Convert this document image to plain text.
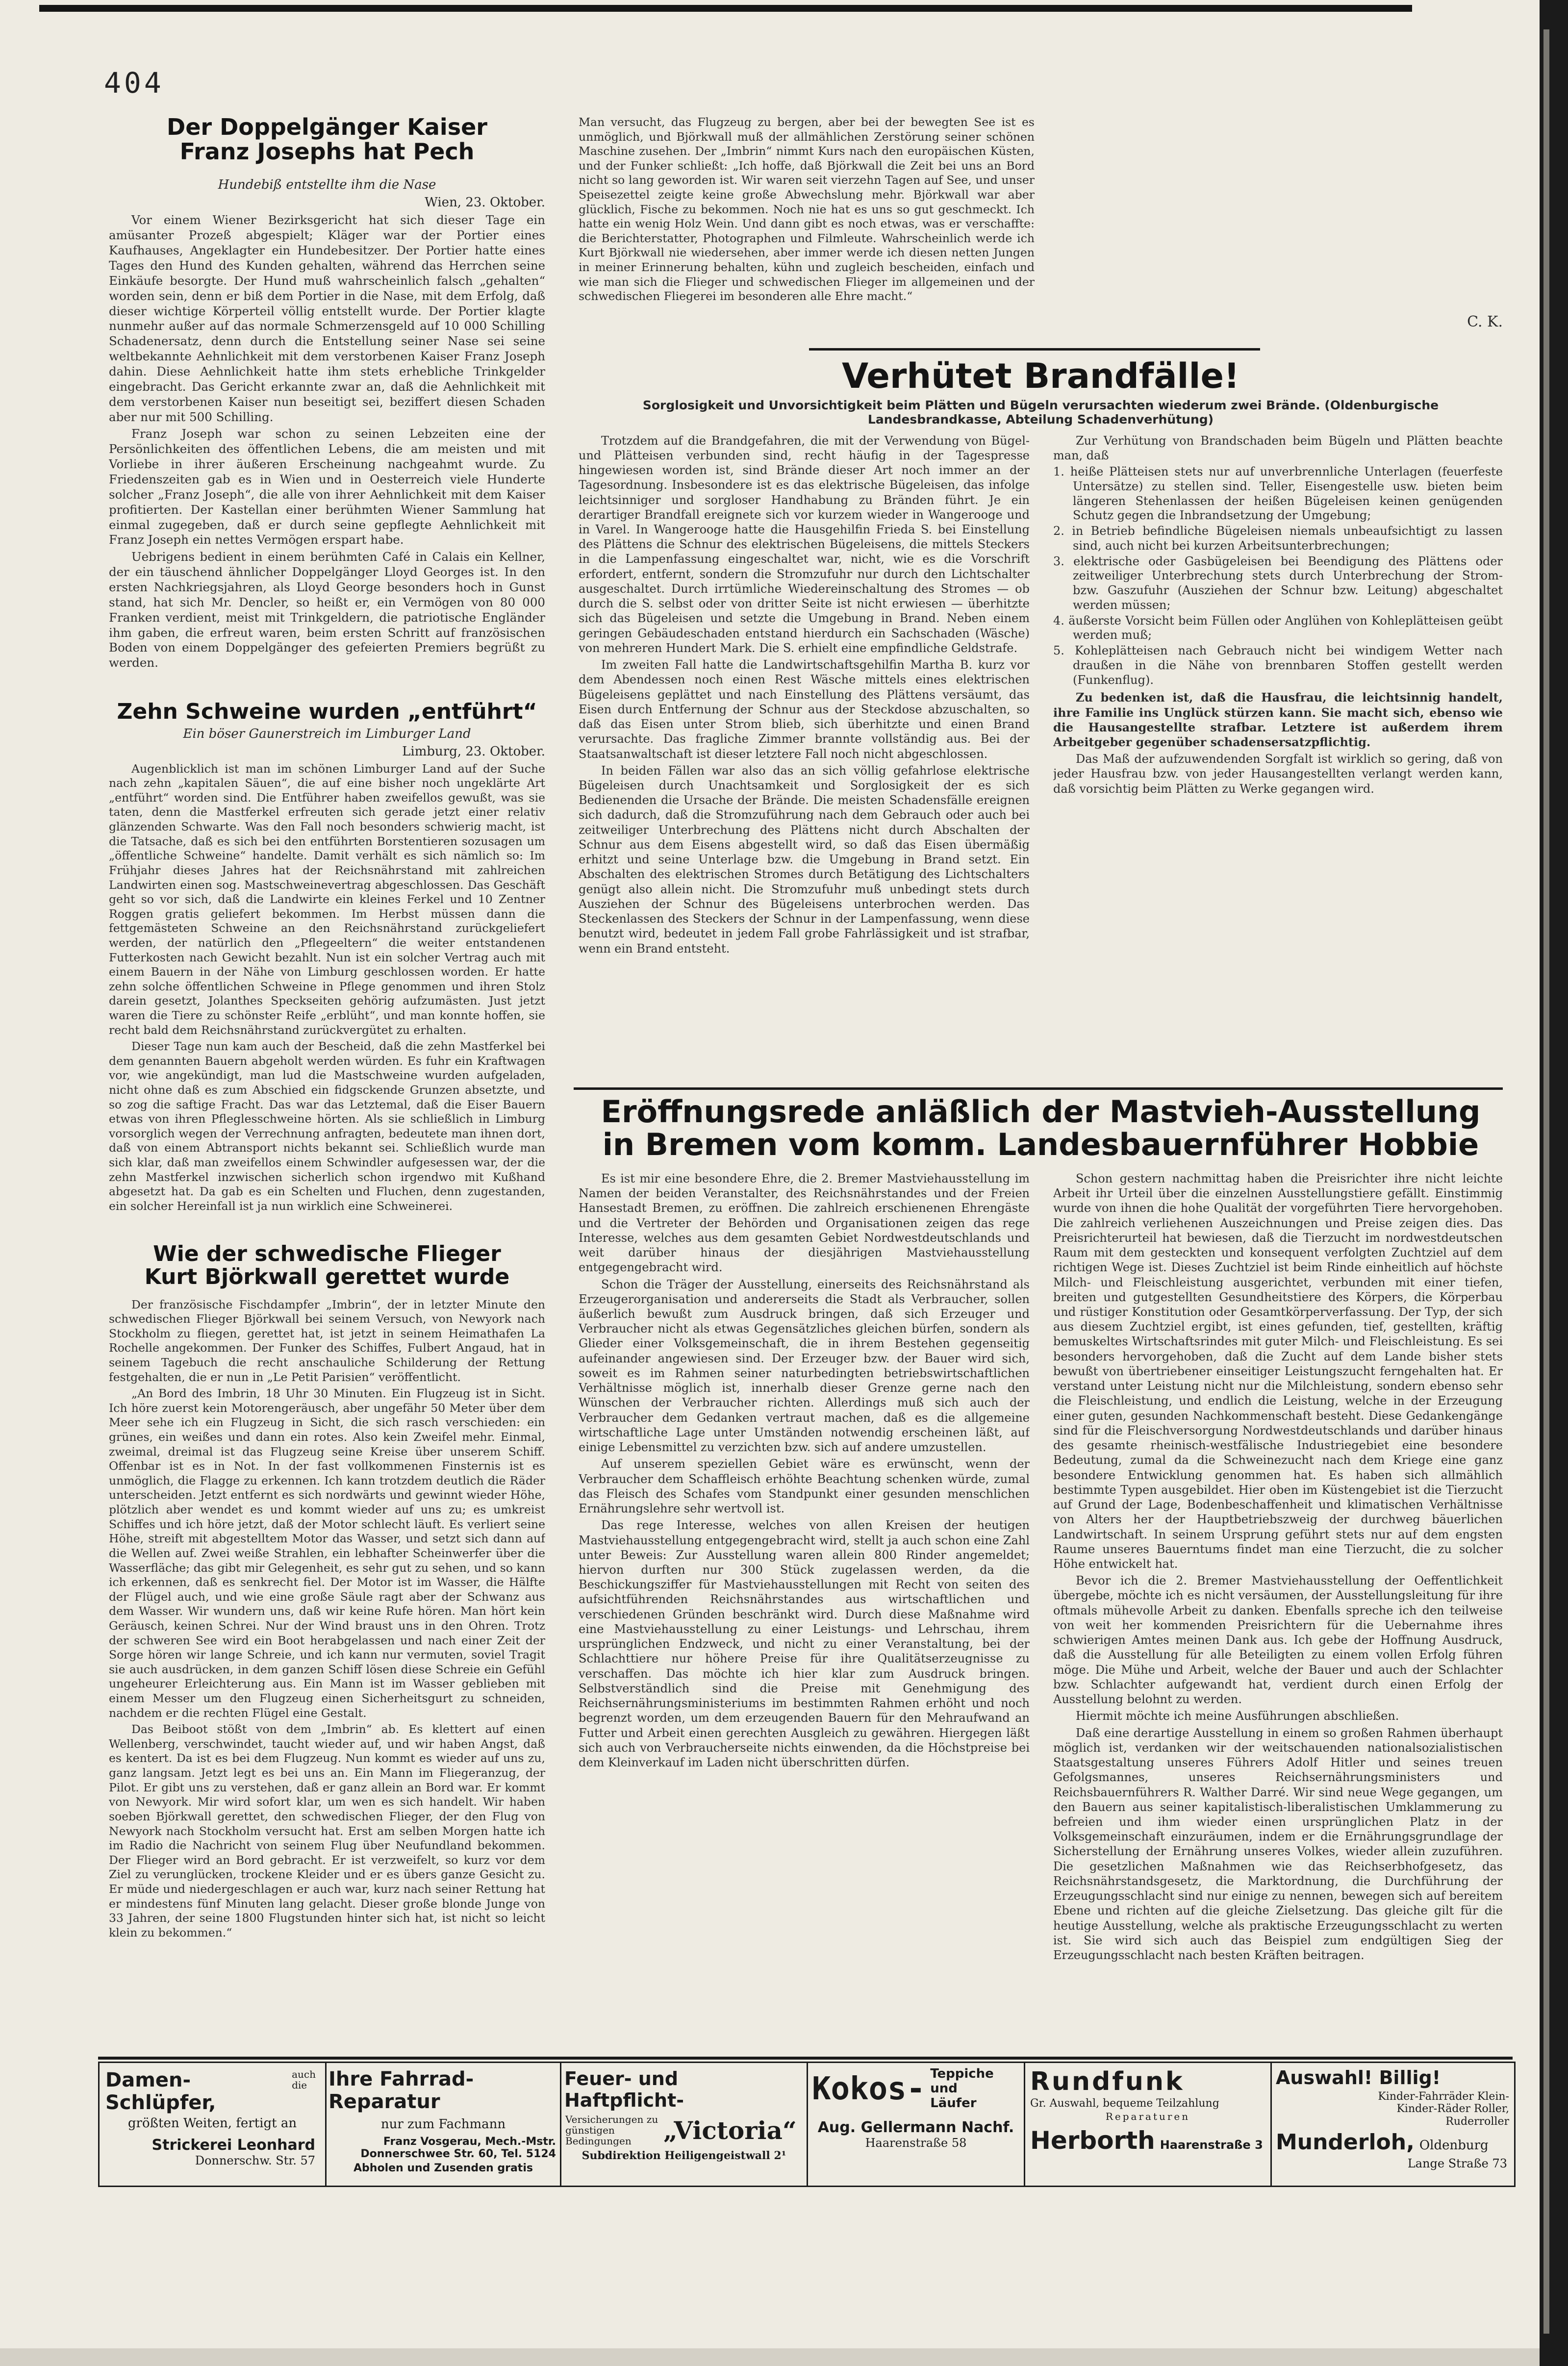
404
Der Doppelgänger Kaiser Franz Josephs hat Pech
Hundebiß entstellte ihm die Nase
Wien, 23. Oktober.

Vor einem Wiener Bezirksgericht hat sich dieser Tage ein amüsanter Prozeß abgespielt; Kläger war der Portier eines Kaufhauses, Angeklagter ein Hundebesitzer. Der Portier hatte eines Tages den Hund des Kunden gehalten, während das Herrchen seine Einkäufe besorgte. Der Hund muß wahrscheinlich falsch „gehalten“ worden sein, denn er biß dem Portier in die Nase, mit dem Erfolg, daß dieser wichtige Körperteil völlig entstellt wurde. Der Portier klagte nunmehr außer auf das normale Schmerzensgeld auf 10 000 Schilling Schadenersatz, denn durch die Entstellung seiner Nase sei seine weltbekannte Aehnlichkeit mit dem verstorbenen Kaiser Franz Joseph dahin. Diese Aehnlichkeit hatte ihm stets erhebliche Trinkgelder eingebracht. Das Gericht erkannte zwar an, daß die Aehnlichkeit mit dem verstorbenen Kaiser nun beseitigt sei, beziffert diesen Schaden aber nur mit 500 Schilling.

Franz Joseph war schon zu seinen Lebzeiten eine der Persönlichkeiten des öffentlichen Lebens, die am meisten und mit Vorliebe in ihrer äußeren Erscheinung nachgeahmt wurde. Zu Friedenszeiten gab es in Wien und in Oesterreich viele Hunderte solcher „Franz Joseph“, die alle von ihrer Aehnlichkeit mit dem Kaiser profitierten. Der Kastellan einer berühmten Wiener Sammlung hat einmal zugegeben, daß er durch seine gepflegte Aehnlichkeit mit Franz Joseph ein nettes Vermögen erspart habe.

Uebrigens bedient in einem berühmten Café in Calais ein Kellner, der ein täuschend ähnlicher Doppelgänger Lloyd Georges ist. In den ersten Nachkriegsjahren, als Lloyd George besonders hoch in Gunst stand, hat sich Mr. Dencler, so heißt er, ein Vermögen von 80 000 Franken verdient, meist mit Trinkgeldern, die patriotische Engländer ihm gaben, die erfreut waren, beim ersten Schritt auf französischen Boden von einem Doppelgänger des gefeierten Premiers begrüßt zu werden.

Zehn Schweine wurden „entführt“
Ein böser Gaunerstreich im Limburger Land
Limburg, 23. Oktober.

Augenblicklich ist man im schönen Limburger Land auf der Suche nach zehn „kapitalen Säuen“, die auf eine bisher noch ungeklärte Art „entführt“ worden sind. Die Entführer haben zweifellos gewußt, was sie taten, denn die Mastferkel erfreuten sich gerade jetzt einer relativ glänzenden Schwarte. Was den Fall noch besonders schwierig macht, ist die Tatsache, daß es sich bei den entführten Borstentieren sozusagen um „öffentliche Schweine“ handelte. Damit verhält es sich nämlich so: Im Frühjahr dieses Jahres hat der Reichsnährstand mit zahlreichen Landwirten einen sog. Mastschweinevertrag abgeschlossen. Das Geschäft geht so vor sich, daß die Landwirte ein kleines Ferkel und 10 Zentner Roggen gratis geliefert bekommen. Im Herbst müssen dann die fettgemästeten Schweine an den Reichsnährstand zurückgeliefert werden, der natürlich den „Pflegeeltern“ die weiter entstandenen Futterkosten nach Gewicht bezahlt. Nun ist ein solcher Vertrag auch mit einem Bauern in der Nähe von Limburg geschlossen worden. Er hatte zehn solche öffentlichen Schweine in Pflege genommen und ihren Stolz darein gesetzt, Jolanthes Speckseiten gehörig aufzumästen. Just jetzt waren die Tiere zu schönster Reife „erblüht“, und man konnte hoffen, sie recht bald dem Reichsnährstand zurückvergütet zu erhalten.

Dieser Tage nun kam auch der Bescheid, daß die zehn Mastferkel bei dem genannten Bauern abgeholt werden würden. Es fuhr ein Kraftwagen vor, wie angekündigt, man lud die Mastschweine wurden aufgeladen, nicht ohne daß es zum Abschied ein fidgsckende Grunzen absetzte, und so zog die saftige Fracht. Das war das Letztemal, daß die Eiser Bauern etwas von ihren Pfleglesschweine hörten. Als sie schließlich in Limburg vorsorglich wegen der Verrechnung anfragten, bedeutete man ihnen dort, daß von einem Abtransport nichts bekannt sei. Schließlich wurde man sich klar, daß man zweifellos einem Schwindler aufgesessen war, der die zehn Mastferkel inzwischen sicherlich schon irgendwo mit Kußhand abgesetzt hat. Da gab es ein Schelten und Fluchen, denn zugestanden, ein solcher Hereinfall ist ja nun wirklich eine Schweinerei.

Wie der schwedische Flieger Kurt Björkwall gerettet wurde

Der französische Fischdampfer „Imbrin“, der in letzter Minute den schwedischen Flieger Björkwall bei seinem Versuch, von Newyork nach Stockholm zu fliegen, gerettet hat, ist jetzt in seinem Heimathafen La Rochelle angekommen. Der Funker des Schiffes, Fulbert Angaud, hat in seinem Tagebuch die recht anschauliche Schilderung der Rettung festgehalten, die er nun in „Le Petit Parisien“ veröffentlicht.

„An Bord des Imbrin, 18 Uhr 30 Minuten. Ein Flugzeug ist in Sicht. Ich höre zuerst kein Motorengeräusch, aber ungefähr 50 Meter über dem Meer sehe ich ein Flugzeug in Sicht, die sich rasch verschieden: ein grünes, ein weißes und dann ein rotes. Also kein Zweifel mehr. Einmal, zweimal, dreimal ist das Flugzeug seine Kreise über unserem Schiff. Offenbar ist es in Not. In der fast vollkommenen Finsternis ist es unmöglich, die Flagge zu erkennen. Ich kann trotzdem deutlich die Räder unterscheiden. Jetzt entfernt es sich nordwärts und gewinnt wieder Höhe, plötzlich aber wendet es und kommt wieder auf uns zu; es umkreist Schiffes und ich höre jetzt, daß der Motor schlecht läuft. Es verliert seine Höhe, streift mit abgestelltem Motor das Wasser, und setzt sich dann auf die Wellen auf. Zwei weiße Strahlen, ein lebhafter Scheinwerfer über die Wasserfläche; das gibt mir Gelegenheit, es sehr gut zu sehen, und so kann ich erkennen, daß es senkrecht fiel. Der Motor ist im Wasser, die Hälfte der Flügel auch, und wie eine große Säule ragt aber der Schwanz aus dem Wasser. Wir wundern uns, daß wir keine Rufe hören. Man hört kein Geräusch, keinen Schrei. Nur der Wind braust uns in den Ohren. Trotz der schweren See wird ein Boot herabgelassen und nach einer Zeit der Sorge hören wir lange Schreie, und ich kann nur vermuten, soviel Tragit sie auch ausdrücken, in dem ganzen Schiff lösen diese Schreie ein Gefühl ungeheurer Erleichterung aus. Ein Mann ist im Wasser geblieben mit einem Messer um den Flugzeug einen Sicherheitsgurt zu schneiden, nachdem er die rechten Flügel eine Gestalt.

Das Beiboot stößt von dem „Imbrin“ ab. Es klettert auf einen Wellenberg, verschwindet, taucht wieder auf, und wir haben Angst, daß es kentert. Da ist es bei dem Flugzeug. Nun kommt es wieder auf uns zu, ganz langsam. Jetzt legt es bei uns an. Ein Mann im Fliegeranzug, der Pilot. Er gibt uns zu verstehen, daß er ganz allein an Bord war. Er kommt von Newyork. Mir wird sofort klar, um wen es sich handelt. Wir haben soeben Björkwall gerettet, den schwedischen Flieger, der den Flug von Newyork nach Stockholm versucht hat. Erst am selben Morgen hatte ich im Radio die Nachricht von seinem Flug über Neufundland bekommen. Der Flieger wird an Bord gebracht. Er ist verzweifelt, so kurz vor dem Ziel zu verunglücken, trockene Kleider und er es übers ganze Gesicht zu. Er müde und niedergeschlagen er auch war, kurz nach seiner Rettung hat er mindestens fünf Minuten lang gelacht. Dieser große blonde Junge von 33 Jahren, der seine 1800 Flugstunden hinter sich hat, ist nicht so leicht klein zu bekommen.“

Man versucht, das Flugzeug zu bergen, aber bei der bewegten See ist es unmöglich, und Björkwall muß der allmählichen Zerstörung seiner schönen Maschine zusehen. Der „Imbrin“ nimmt Kurs nach den europäischen Küsten, und der Funker schließt: „Ich hoffe, daß Björkwall die Zeit bei uns an Bord nicht so lang geworden ist. Wir waren seit vierzehn Tagen auf See, und unser Speisezettel zeigte keine große Abwechslung mehr. Björkwall war aber glücklich, Fische zu bekommen. Noch nie hat es uns so gut geschmeckt. Ich hatte ein wenig Holz Wein. Und dann gibt es noch etwas, was er verschaffte: die Berichterstatter, Photographen und Filmleute. Wahrscheinlich werde ich Kurt Björkwall nie wiedersehen, aber immer werde ich diesen netten Jungen in meiner Erinnerung behalten, kühn und zugleich bescheiden, einfach und wie man sich die Flieger und schwedischen Flieger im allgemeinen und der schwedischen Fliegerei im besonderen alle Ehre macht.“

C. K.
Verhütet Brandfälle!
Sorglosigkeit und Unvorsichtigkeit beim Plätten und Bügeln verursachten wiederum zwei Brände. (Oldenburgische Landesbrandkasse, Abteilung Schadenverhütung)

Trotzdem auf die Brandgefahren, die mit der Verwendung von Bügel- und Plätteisen verbunden sind, recht häufig in der Tagespresse hingewiesen worden ist, sind Brände dieser Art noch immer an der Tagesordnung. Insbesondere ist es das elektrische Bügeleisen, das infolge leichtsinniger und sorgloser Handhabung zu Bränden führt. Je ein derartiger Brandfall ereignete sich vor kurzem wieder in Wangerooge und in Varel. In Wangerooge hatte die Hausgehilfin Frieda S. bei Einstellung des Plättens die Schnur des elektrischen Bügeleisens, die mittels Steckers in die Lampenfassung eingeschaltet war, nicht, wie es die Vorschrift erfordert, entfernt, sondern die Stromzufuhr nur durch den Lichtschalter ausgeschaltet. Durch irrtümliche Wiedereinschaltung des Stromes — ob durch die S. selbst oder von dritter Seite ist nicht erwiesen — überhitzte sich das Bügeleisen und setzte die Umgebung in Brand. Neben einem geringen Gebäudeschaden entstand hierdurch ein Sachschaden (Wäsche) von mehreren Hundert Mark. Die S. erhielt eine empfindliche Geldstrafe.

Im zweiten Fall hatte die Landwirtschaftsgehilfin Martha B. kurz vor dem Abendessen noch einen Rest Wäsche mittels eines elektrischen Bügeleisens geplättet und nach Einstellung des Plättens versäumt, das Eisen durch Entfernung der Schnur aus der Steckdose abzuschalten, so daß das Eisen unter Strom blieb, sich überhitzte und einen Brand verursachte. Das fragliche Zimmer brannte vollständig aus. Bei der Staatsanwaltschaft ist dieser letztere Fall noch nicht abgeschlossen.

In beiden Fällen war also das an sich völlig gefahrlose elektrische Bügeleisen durch Unachtsamkeit und Sorglosigkeit der es sich Bedienenden die Ursache der Brände. Die meisten Schadensfälle ereignen sich dadurch, daß die Stromzuführung nach dem Gebrauch oder auch bei zeitweiliger Unterbrechung des Plättens nicht durch Abschalten der Schnur aus dem Eisens abgestellt wird, so daß das Eisen übermäßig erhitzt und seine Unterlage bzw. die Umgebung in Brand setzt. Ein Abschalten des elektrischen Stromes durch Betätigung des Lichtschalters genügt also allein nicht. Die Stromzufuhr muß unbedingt stets durch Ausziehen der Schnur des Bügeleisens unterbrochen werden. Das Steckenlassen des Steckers der Schnur in der Lampenfassung, wenn diese benutzt wird, bedeutet in jedem Fall grobe Fahrlässigkeit und ist strafbar, wenn ein Brand entsteht.

Zur Verhütung von Brandschaden beim Bügeln und Plätten beachte man, daß

1. heiße Plätteisen stets nur auf unverbrennliche Unterlagen (feuerfeste Untersätze) zu stellen sind. Teller, Eisengestelle usw. bieten beim längeren Stehenlassen der heißen Bügeleisen keinen genügenden Schutz gegen die Inbrandsetzung der Umgebung;
2. in Betrieb befindliche Bügeleisen niemals unbeaufsichtigt zu lassen sind, auch nicht bei kurzen Arbeitsunterbrechungen;
3. elektrische oder Gasbügeleisen bei Beendigung des Plättens oder zeitweiliger Unterbrechung stets durch Unterbrechung der Strom- bzw. Gaszufuhr (Ausziehen der Schnur bzw. Leitung) abgeschaltet werden müssen;
4. äußerste Vorsicht beim Füllen oder Anglühen von Kohleplätteisen geübt werden muß;
5. Kohleplätteisen nach Gebrauch nicht bei windigem Wetter nach draußen in die Nähe von brennbaren Stoffen gestellt werden (Funkenflug).

Zu bedenken ist, daß die Hausfrau, die leichtsinnig handelt, ihre Familie ins Unglück stürzen kann. Sie macht sich, ebenso wie die Hausangestellte strafbar. Letztere ist außerdem ihrem Arbeitgeber gegenüber schadensersatzpflichtig.

Das Maß der aufzuwendenden Sorgfalt ist wirklich so gering, daß von jeder Hausfrau bzw. von jeder Hausangestellten verlangt werden kann, daß vorsichtig beim Plätten zu Werke gegangen wird.

Eröffnungsrede anläßlich der Mastvieh-Ausstellung
in Bremen vom komm. Landesbauernführer Hobbie

Es ist mir eine besondere Ehre, die 2. Bremer Mastviehausstellung im Namen der beiden Veranstalter, des Reichsnährstandes und der Freien Hansestadt Bremen, zu eröffnen. Die zahlreich erschienenen Ehrengäste und die Vertreter der Behörden und Organisationen zeigen das rege Interesse, welches aus dem gesamten Gebiet Nordwestdeutschlands und weit darüber hinaus der diesjährigen Mastviehausstellung entgegengebracht wird.

Schon die Träger der Ausstellung, einerseits des Reichsnährstand als Erzeugerorganisation und andererseits die Stadt als Verbraucher, sollen äußerlich bewußt zum Ausdruck bringen, daß sich Erzeuger und Verbraucher nicht als etwas Gegensätzliches gleichen bürfen, sondern als Glieder einer Volksgemeinschaft, die in ihrem Bestehen gegenseitig aufeinander angewiesen sind. Der Erzeuger bzw. der Bauer wird sich, soweit es im Rahmen seiner naturbedingten betriebswirtschaftlichen Verhältnisse möglich ist, innerhalb dieser Grenze gerne nach den Wünschen der Verbraucher richten. Allerdings muß sich auch der Verbraucher dem Gedanken vertraut machen, daß es die allgemeine wirtschaftliche Lage unter Umständen notwendig erscheinen läßt, auf einige Lebensmittel zu verzichten bzw. sich auf andere umzustellen.

Auf unserem speziellen Gebiet wäre es erwünscht, wenn der Verbraucher dem Schaffleisch erhöhte Beachtung schenken würde, zumal das Fleisch des Schafes vom Standpunkt einer gesunden menschlichen Ernährungslehre sehr wertvoll ist.

Das rege Interesse, welches von allen Kreisen der heutigen Mastviehausstellung entgegengebracht wird, stellt ja auch schon eine Zahl unter Beweis: Zur Ausstellung waren allein 800 Rinder angemeldet; hiervon durften nur 300 Stück zugelassen werden, da die Beschickungsziffer für Mastviehausstellungen mit Recht von seiten des aufsichtführenden Reichsnährstandes aus wirtschaftlichen und verschiedenen Gründen beschränkt wird. Durch diese Maßnahme wird eine Mastviehausstellung zu einer Leistungs- und Lehrschau, ihrem ursprünglichen Endzweck, und nicht zu einer Veranstaltung, bei der Schlachttiere nur höhere Preise für ihre Qualitätserzeugnisse zu verschaffen. Das möchte ich hier klar zum Ausdruck bringen. Selbstverständlich sind die Preise mit Genehmigung des Reichsernährungsministeriums im bestimmten Rahmen erhöht und noch begrenzt worden, um dem erzeugenden Bauern für den Mehraufwand an Futter und Arbeit einen gerechten Ausgleich zu gewähren. Hiergegen läßt sich auch von Verbraucherseite nichts einwenden, da die Höchstpreise bei dem Kleinverkauf im Laden nicht überschritten dürfen.

Schon gestern nachmittag haben die Preisrichter ihre nicht leichte Arbeit ihr Urteil über die einzelnen Ausstellungstiere gefällt. Einstimmig wurde von ihnen die hohe Qualität der vorgeführten Tiere hervorgehoben. Die zahlreich verliehenen Auszeichnungen und Preise zeigen dies. Das Preisrichterurteil hat bewiesen, daß die Tierzucht im nordwestdeutschen Raum mit dem gesteckten und konsequent verfolgten Zuchtziel auf dem richtigen Wege ist. Dieses Zuchtziel ist beim Rinde einheitlich auf höchste Milch- und Fleischleistung ausgerichtet, verbunden mit einer tiefen, breiten und gutgestellten Gesundheitstiere des Körpers, die Körperbau und rüstiger Konstitution oder Gesamtkörperverfassung. Der Typ, der sich aus diesem Zuchtziel ergibt, ist eines gefunden, tief, gestellten, kräftig bemuskeltes Wirtschaftsrindes mit guter Milch- und Fleischleistung. Es sei besonders hervorgehoben, daß die Zucht auf dem Lande bisher stets bewußt von übertriebener einseitiger Leistungszucht ferngehalten hat. Er verstand unter Leistung nicht nur die Milchleistung, sondern ebenso sehr die Fleischleistung, und endlich die Leistung, welche in der Erzeugung einer guten, gesunden Nachkommenschaft besteht. Diese Gedankengänge sind für die Fleischversorgung Nordwestdeutschlands und darüber hinaus des gesamte rheinisch-westfälische Industriegebiet eine besondere Bedeutung, zumal da die Schweinezucht nach dem Kriege eine ganz besondere Entwicklung genommen hat. Es haben sich allmählich bestimmte Typen ausgebildet. Hier oben im Küstengebiet ist die Tierzucht auf Grund der Lage, Bodenbeschaffenheit und klimatischen Verhältnisse von Alters her der Hauptbetriebszweig der durchweg bäuerlichen Landwirtschaft. In seinem Ursprung geführt stets nur auf dem engsten Raume unseres Bauerntums findet man eine Tierzucht, die zu solcher Höhe entwickelt hat.

Bevor ich die 2. Bremer Mastviehausstellung der Oeffentlichkeit übergebe, möchte ich es nicht versäumen, der Ausstellungsleitung für ihre oftmals mühevolle Arbeit zu danken. Ebenfalls spreche ich den teilweise von weit her kommenden Preisrichtern für die Uebernahme ihres schwierigen Amtes meinen Dank aus. Ich gebe der Hoffnung Ausdruck, daß die Ausstellung für alle Beteiligten zu einem vollen Erfolg führen möge. Die Mühe und Arbeit, welche der Bauer und auch der Schlachter bzw. Schlachter aufgewandt hat, verdient durch einen Erfolg der Ausstellung belohnt zu werden.

Hiermit möchte ich meine Ausführungen abschließen.

Daß eine derartige Ausstellung in einem so großen Rahmen überhaupt möglich ist, verdanken wir der weitschauenden nationalsozialistischen Staatsgestaltung unseres Führers Adolf Hitler und seines treuen Gefolgsmannes, unseres Reichsernährungsministers und Reichsbauernführers R. Walther Darré. Wir sind neue Wege gegangen, um den Bauern aus seiner kapitalistisch-liberalistischen Umklammerung zu befreien und ihm wieder einen ursprünglichen Platz in der Volksgemeinschaft einzuräumen, indem er die Ernährungsgrundlage der Sicherstellung der Ernährung unseres Volkes, wieder allein zuzuführen. Die gesetzlichen Maßnahmen wie das Reichserbhofgesetz, das Reichsnährstandsgesetz, die Marktordnung, die Durchführung der Erzeugungsschlacht sind nur einige zu nennen, bewegen sich auf bereitem Ebene und richten auf die gleiche Zielsetzung. Das gleiche gilt für die heutige Ausstellung, welche als praktische Erzeugungsschlacht zu werten ist. Sie wird sich auch das Beispiel zum endgültigen Sieg der Erzeugungsschlacht nach besten Kräften beitragen.

Damen-Schlüpfer,
auch die
größten Weiten, fertigt an
Strickerei Leonhard
Donnerschw. Str. 57
Ihre Fahrrad-Reparatur
nur zum Fachmann
Franz Vosgerau, Mech.-Mstr.
Donnerschwee Str. 60, Tel. 5124
Abholen und Zusenden gratis
Feuer- und Haftpflicht-
Versicherungen zu günstigen Bedingungen	„Victoria“
Subdirektion Heiligengeistwall 2¹
Kokos- Teppiche und Läufer
Aug. Gellermann Nachf.
Haarenstraße 58
Rundfunk
Gr. Auswahl, bequeme Teilzahlung
Reparaturen
Herborth Haarenstraße 3
Auswahl! Billig!
Kinder-Fahrräder Klein-Kinder-Räder Roller, Ruderroller
Munderloh, Oldenburg
Lange Straße 73
